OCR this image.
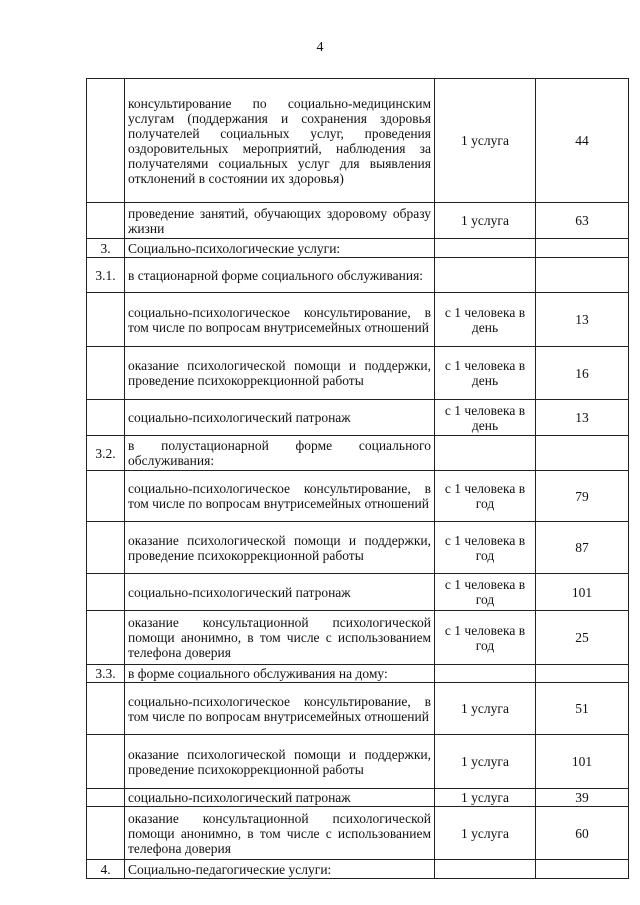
4
	консультирование по социально-медицинским услугам (поддержания и сохранения здоровья получателей социальных услуг, проведения оздоровительных мероприятий, наблюдения за получателями социальных услуг для выявления отклонений в состоянии их здоровья)	1 услуга	44
	проведение занятий, обучающих здоровому образу жизни	1 услуга	63
3.	Социально-психологические услуги:		
3.1.	в стационарной форме социального обслуживания:		
	социально-психологическое консультирование, в том числе по вопросам внутрисемейных отношений	с 1 человека в день	13
	оказание психологической помощи и поддержки, проведение психокоррекционной работы	с 1 человека в день	16
	социально-психологический патронаж	с 1 человека в день	13
3.2.	в полустационарной форме социального обслуживания:		
	социально-психологическое консультирование, в том числе по вопросам внутрисемейных отношений	с 1 человека в год	79
	оказание психологической помощи и поддержки, проведение психокоррекционной работы	с 1 человека в год	87
	социально-психологический патронаж	с 1 человека в год	101
	оказание консультационной психологической помощи анонимно, в том числе с использованием телефона доверия	с 1 человека в год	25
3.3.	в форме социального обслуживания на дому:		
	социально-психологическое консультирование, в том числе по вопросам внутрисемейных отношений	1 услуга	51
	оказание психологической помощи и поддержки, проведение психокоррекционной работы	1 услуга	101
	социально-психологический патронаж	1 услуга	39
	оказание консультационной психологической помощи анонимно, в том числе с использованием телефона доверия	1 услуга	60
4.	Социально-педагогические услуги:		
